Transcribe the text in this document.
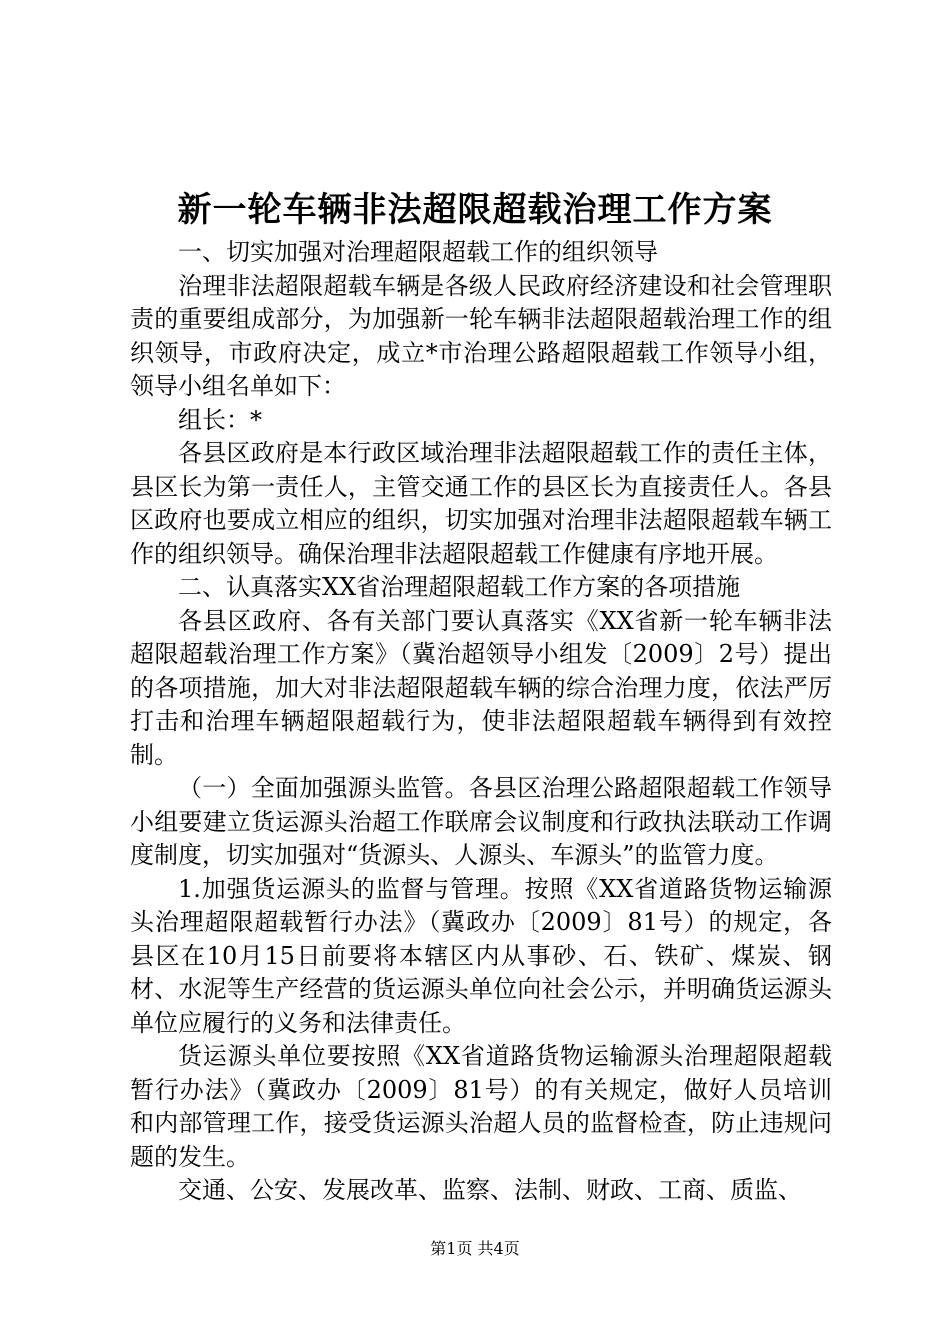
新一轮车辆非法超限超载治理工作方案

一、切实加强对治理超限超载工作的组织领导

治理非法超限超载车辆是各级人民政府经济建设和社会管理职责的重要组成部分，为加强新一轮车辆非法超限超载治理工作的组织领导，市政府决定，成立*市治理公路超限超载工作领导小组，领导小组名单如下：

组长：*

各县区政府是本行政区域治理非法超限超载工作的责任主体，县区长为第一责任人，主管交通工作的县区长为直接责任人。各县区政府也要成立相应的组织，切实加强对治理非法超限超载车辆工作的组织领导。确保治理非法超限超载工作健康有序地开展。

二、认真落实XX省治理超限超载工作方案的各项措施

各县区政府、各有关部门要认真落实《XX省新一轮车辆非法超限超载治理工作方案》（冀治超领导小组发〔2009〕2号）提出的各项措施，加大对非法超限超载车辆的综合治理力度，依法严厉打击和治理车辆超限超载行为，使非法超限超载车辆得到有效控制。

（一）全面加强源头监管。各县区治理公路超限超载工作领导小组要建立货运源头治超工作联席会议制度和行政执法联动工作调度制度，切实加强对“货源头、人源头、车源头”的监管力度。

1.加强货运源头的监督与管理。按照《XX省道路货物运输源头治理超限超载暂行办法》（冀政办〔2009〕81号）的规定，各县区在10月15日前要将本辖区内从事砂、石、铁矿、煤炭、钢材、水泥等生产经营的货运源头单位向社会公示，并明确货运源头单位应履行的义务和法律责任。

货运源头单位要按照《XX省道路货物运输源头治理超限超载暂行办法》（冀政办〔2009〕81号）的有关规定，做好人员培训和内部管理工作，接受货运源头治超人员的监督检查，防止违规问题的发生。

交通、公安、发展改革、监察、法制、财政、工商、质监、

第1页 共4页
